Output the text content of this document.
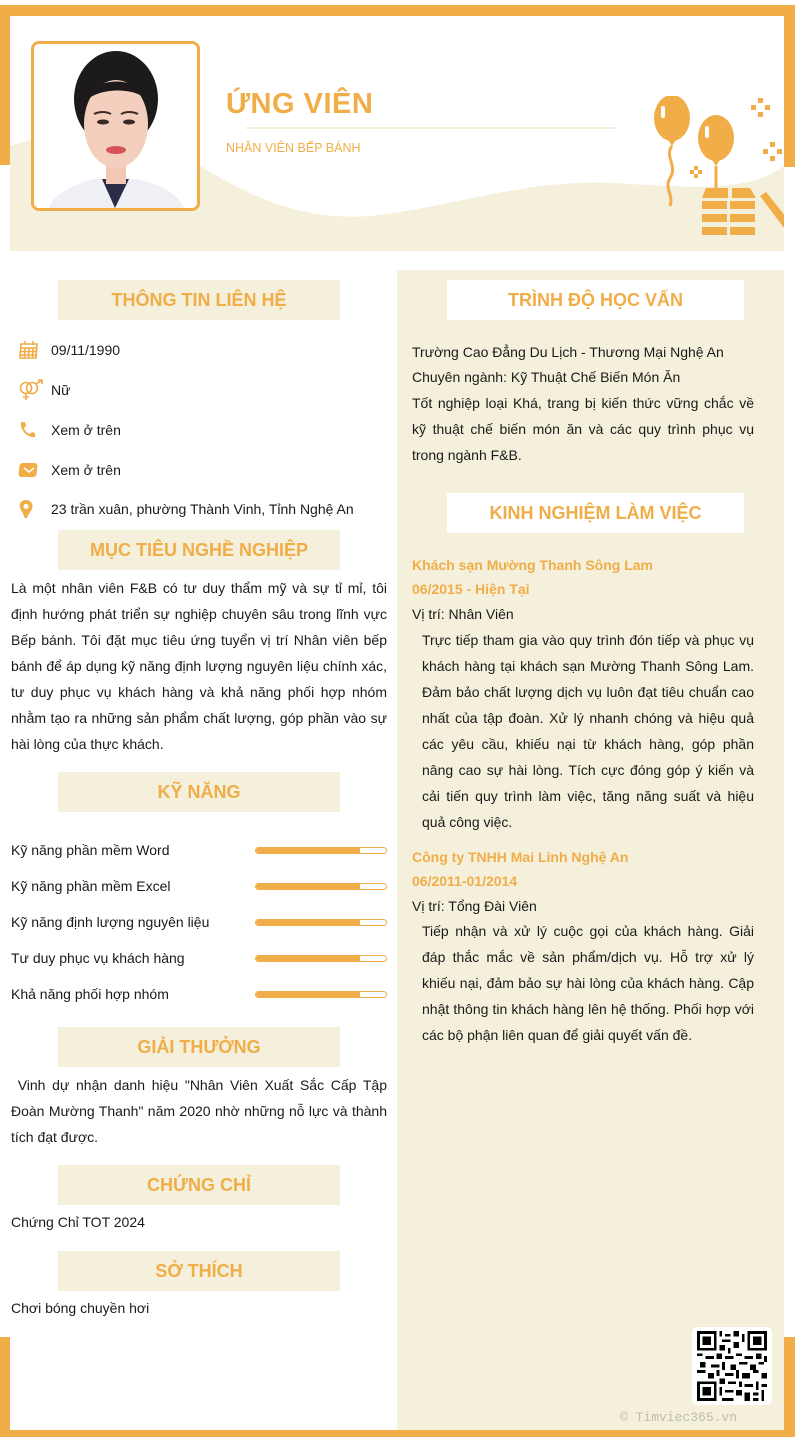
ỨNG VIÊN
NHÂN VIÊN BẾP BÁNH
THÔNG TIN LIÊN HỆ
09/11/1990
Nữ
Xem ở trên
Xem ở trên
23 trần xuân, phường Thành Vinh, Tỉnh Nghệ An
MỤC TIÊU NGHỀ NGHIỆP
Là một nhân viên F&B có tư duy thẩm mỹ và sự tỉ mỉ, tôi định hướng phát triển sự nghiệp chuyên sâu trong lĩnh vực Bếp bánh. Tôi đặt mục tiêu ứng tuyển vị trí Nhân viên bếp bánh để áp dụng kỹ năng định lượng nguyên liệu chính xác, tư duy phục vụ khách hàng và khả năng phối hợp nhóm nhằm tạo ra những sản phẩm chất lượng, góp phần vào sự hài lòng của thực khách.
KỸ NĂNG
Kỹ năng phần mềm Word
Kỹ năng phần mềm Excel
Kỹ năng định lượng nguyên liệu
Tư duy phục vụ khách hàng
Khả năng phối hợp nhóm
GIẢI THƯỞNG
Vinh dự nhận danh hiệu "Nhân Viên Xuất Sắc Cấp Tập Đoàn Mường Thanh" năm 2020 nhờ những nỗ lực và thành tích đạt được.
CHỨNG CHỈ
Chứng Chỉ TOT 2024
SỞ THÍCH
Chơi bóng chuyền hơi
TRÌNH ĐỘ HỌC VẤN
Trường Cao Đẳng Du Lịch - Thương Mại Nghệ An
Chuyên ngành: Kỹ Thuật Chế Biến Món Ăn
Tốt nghiệp loại Khá, trang bị kiến thức vững chắc về kỹ thuật chế biến món ăn và các quy trình phục vụ trong ngành F&B.
KINH NGHIỆM LÀM VIỆC
Khách sạn Mường Thanh Sông Lam
06/2015 - Hiện Tại
Vị trí: Nhân Viên
Trực tiếp tham gia vào quy trình đón tiếp và phục vụ khách hàng tại khách sạn Mường Thanh Sông Lam. Đảm bảo chất lượng dịch vụ luôn đạt tiêu chuẩn cao nhất của tập đoàn. Xử lý nhanh chóng và hiệu quả các yêu cầu, khiếu nại từ khách hàng, góp phần nâng cao sự hài lòng. Tích cực đóng góp ý kiến và cải tiến quy trình làm việc, tăng năng suất và hiệu quả công việc.
Công ty TNHH Mai Linh Nghệ An
06/2011-01/2014
Vị trí: Tổng Đài Viên
Tiếp nhận và xử lý cuộc gọi của khách hàng. Giải đáp thắc mắc về sản phẩm/dịch vụ. Hỗ trợ xử lý khiếu nại, đảm bảo sự hài lòng của khách hàng. Cập nhật thông tin khách hàng lên hệ thống. Phối hợp với các bộ phận liên quan để giải quyết vấn đề.
© Timviec365.vn
